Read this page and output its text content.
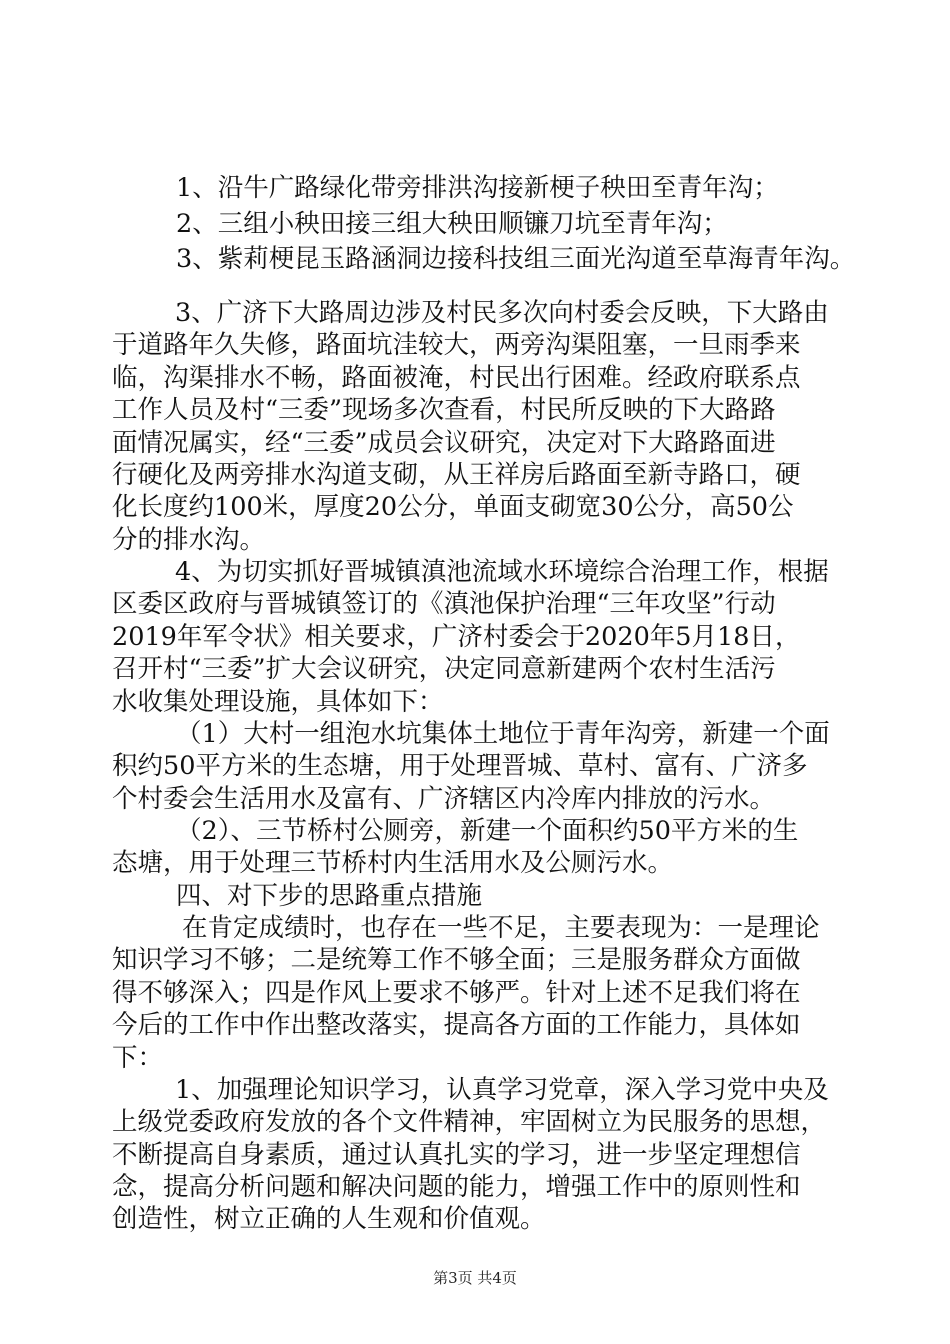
1、沿牛广路绿化带旁排洪沟接新梗子秧田至青年沟；
2、三组小秧田接三组大秧田顺镰刀坑至青年沟；
3、紫莉梗昆玉路涵洞边接科技组三面光沟道至草海青年沟。
3、广济下大路周边涉及村民多次向村委会反映，下大路由
于道路年久失修，路面坑洼较大，两旁沟渠阻塞，一旦雨季来
临，沟渠排水不畅，路面被淹，村民出行困难。经政府联系点
工作人员及村“三委”现场多次查看，村民所反映的下大路路
面情况属实，经“三委”成员会议研究，决定对下大路路面进
行硬化及两旁排水沟道支砌，从王祥房后路面至新寺路口，硬
化长度约100米，厚度20公分，单面支砌宽30公分，高50公
分的排水沟。
4、为切实抓好晋城镇滇池流域水环境综合治理工作，根据
区委区政府与晋城镇签订的《滇池保护治理“三年攻坚”行动
2019年军令状》相关要求，广济村委会于2020年5月18日，
召开村“三委”扩大会议研究，决定同意新建两个农村生活污
水收集处理设施，具体如下：
（1）大村一组泡水坑集体土地位于青年沟旁，新建一个面
积约50平方米的生态塘，用于处理晋城、草村、富有、广济多
个村委会生活用水及富有、广济辖区内冷库内排放的污水。
（2）、三节桥村公厕旁，新建一个面积约50平方米的生
态塘，用于处理三节桥村内生活用水及公厕污水。
四、对下步的思路重点措施
在肯定成绩时，也存在一些不足，主要表现为：一是理论
知识学习不够；二是统筹工作不够全面；三是服务群众方面做
得不够深入；四是作风上要求不够严。针对上述不足我们将在
今后的工作中作出整改落实，提高各方面的工作能力，具体如
下：
1、加强理论知识学习，认真学习党章，深入学习党中央及
上级党委政府发放的各个文件精神，牢固树立为民服务的思想，
不断提高自身素质，通过认真扎实的学习，进一步坚定理想信
念，提高分析问题和解决问题的能力，增强工作中的原则性和
创造性，树立正确的人生观和价值观。
第3页 共4页
